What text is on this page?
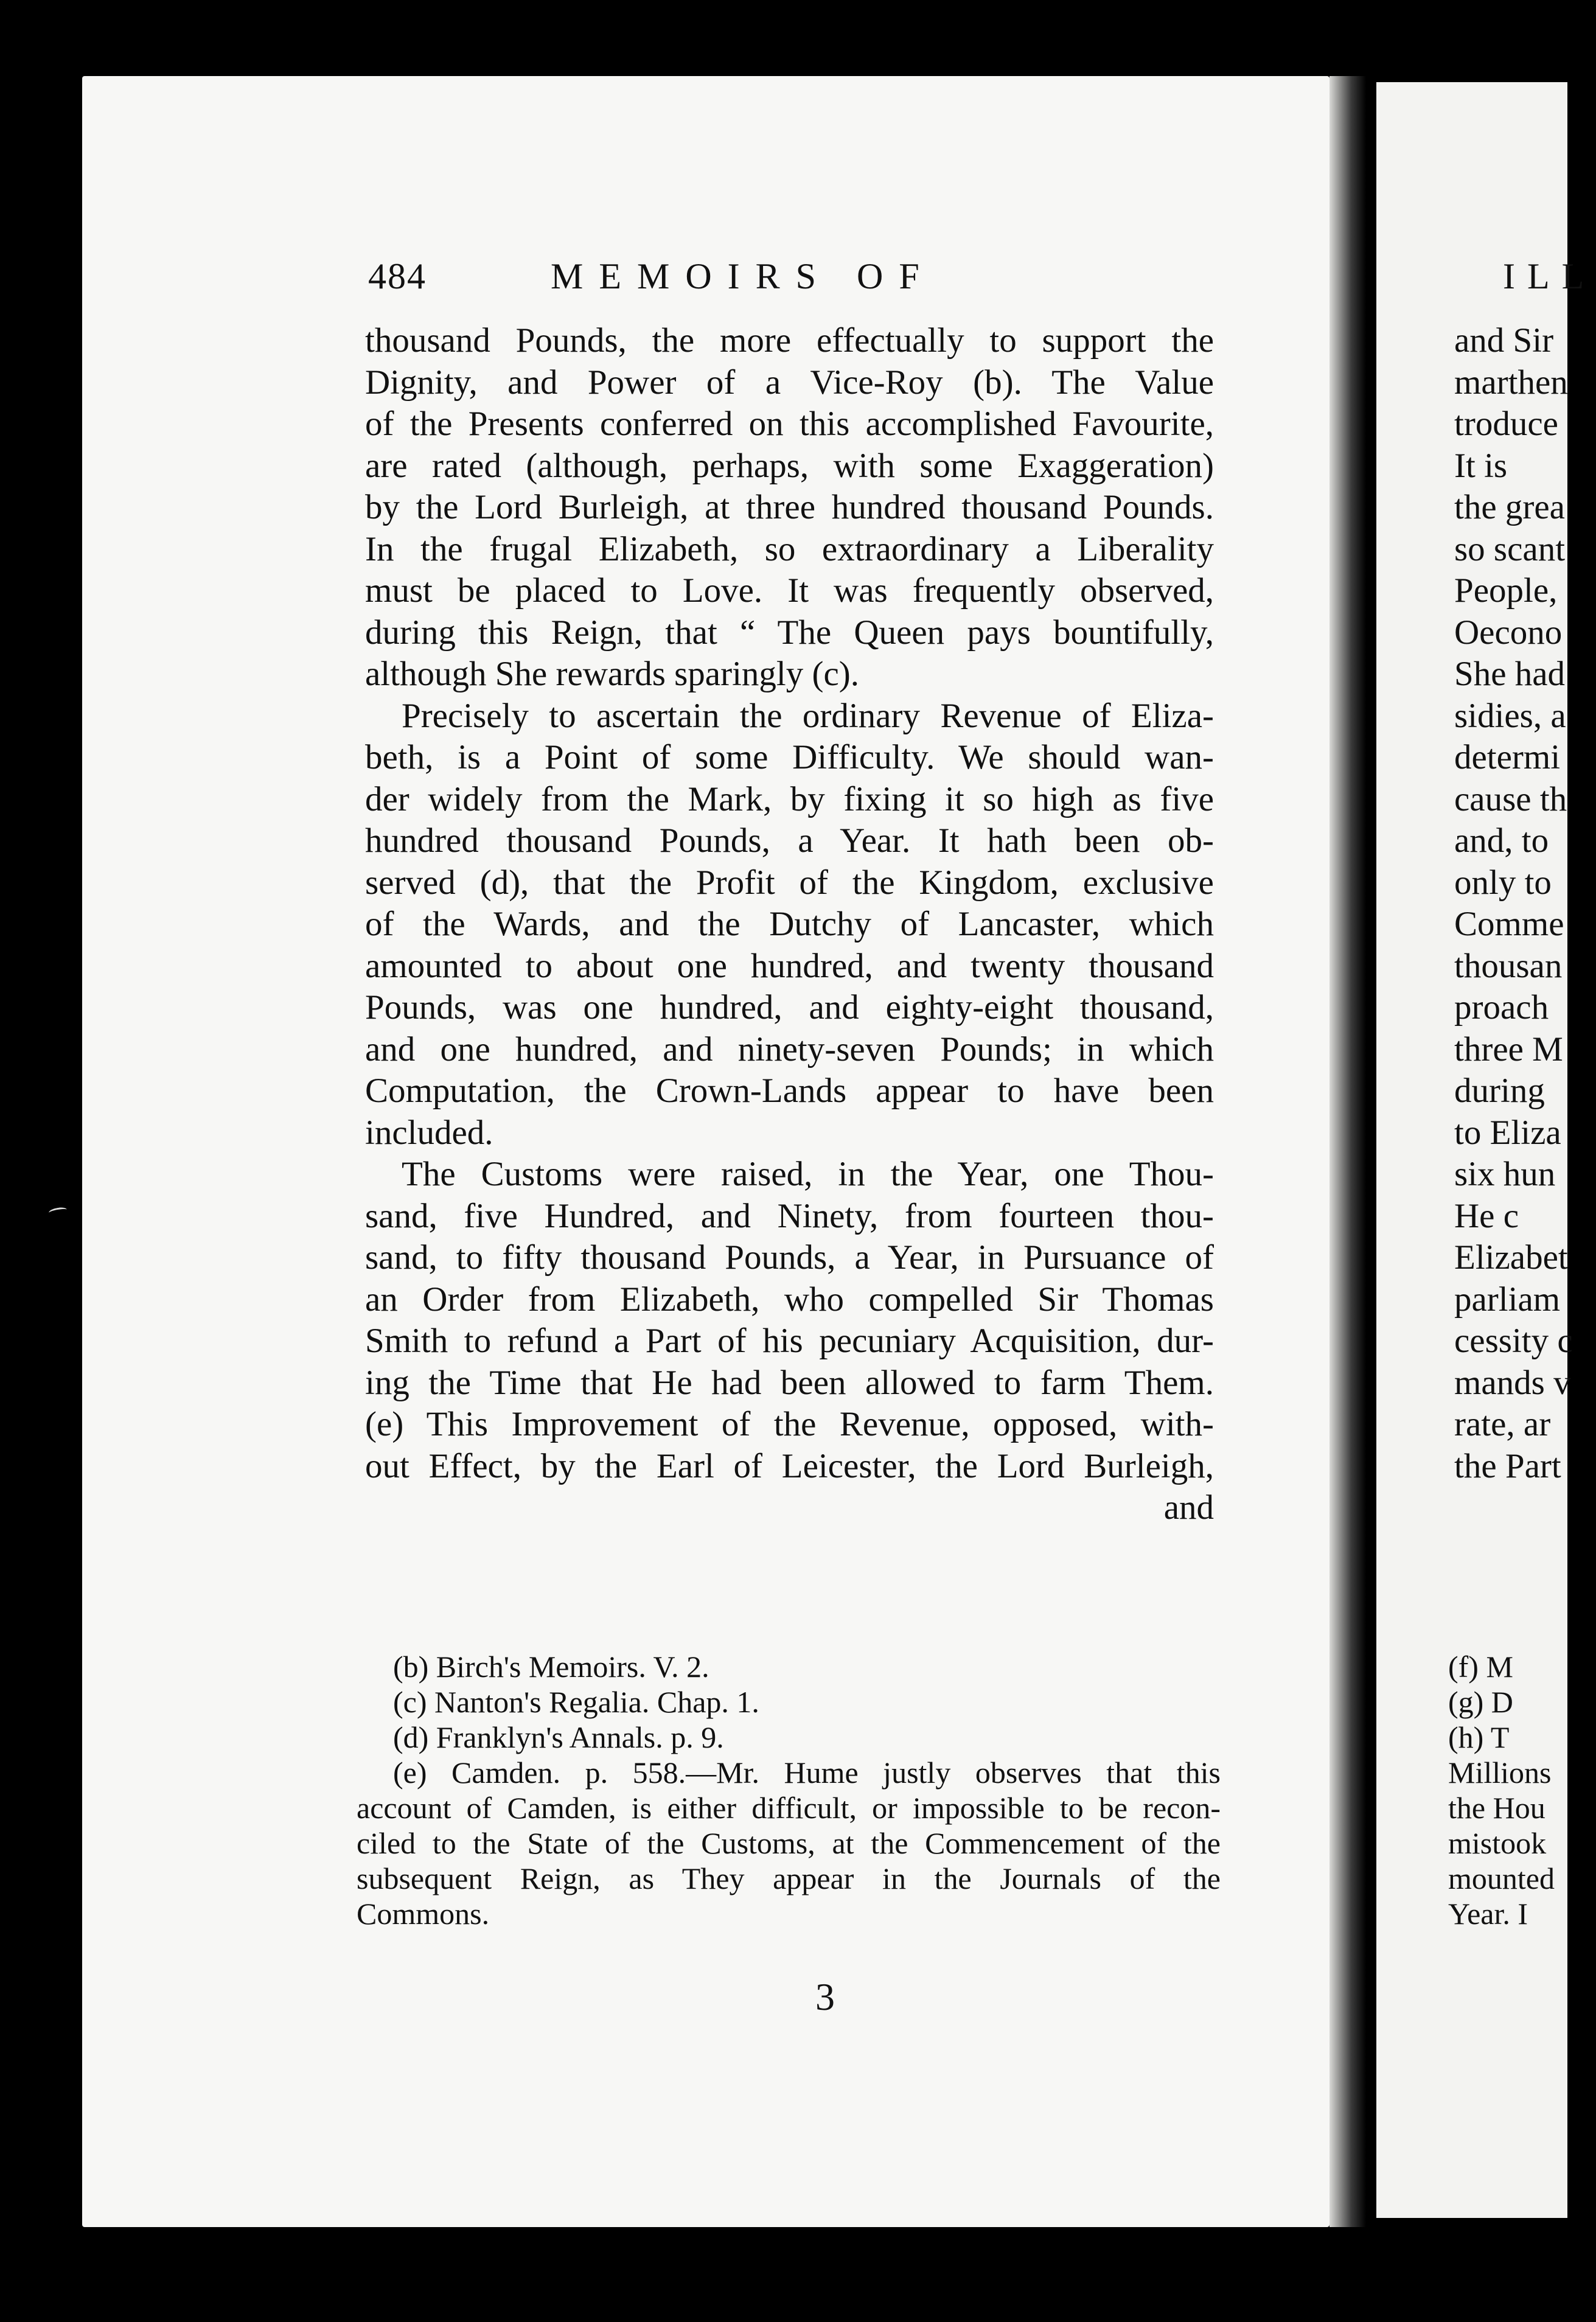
484	MEMOIRS OF
thousand Pounds, the more effectually to support the
Dignity, and Power of a Vice-Roy (b). The Value
of the Presents conferred on this accomplished Favourite,
are rated (although, perhaps, with some Exaggeration)
by the Lord Burleigh, at three hundred thousand Pounds.
In the frugal Elizabeth, so extraordinary a Liberality
must be placed to Love. It was frequently observed,
during this Reign, that “ The Queen pays bountifully,
although She rewards sparingly (c).
Precisely to ascertain the ordinary Revenue of Eliza-
beth, is a Point of some Difficulty. We should wan-
der widely from the Mark, by fixing it so high as five
hundred thousand Pounds, a Year. It hath been ob-
served (d), that the Profit of the Kingdom, exclusive
of the Wards, and the Dutchy of Lancaster, which
amounted to about one hundred, and twenty thousand
Pounds, was one hundred, and eighty-eight thousand,
and one hundred, and ninety-seven Pounds; in which
Computation, the Crown-Lands appear to have been
included.
The Customs were raised, in the Year, one Thou-
sand, five Hundred, and Ninety, from fourteen thou-
sand, to fifty thousand Pounds, a Year, in Pursuance of
an Order from Elizabeth, who compelled Sir Thomas
Smith to refund a Part of his pecuniary Acquisition, dur-
ing the Time that He had been allowed to farm Them.
(e) This Improvement of the Revenue, opposed, with-
out Effect, by the Earl of Leicester, the Lord Burleigh,
and
(b) Birch's Memoirs. V. 2.
(c) Nanton's Regalia. Chap. 1.
(d) Franklyn's Annals. p. 9.
(e) Camden. p. 558.—Mr. Hume justly observes that this
account of Camden, is either difficult, or impossible to be recon-
ciled to the State of the Customs, at the Commencement of the
subsequent Reign, as They appear in the Journals of the
Commons.
3
ILL
and Sir
marthen
troduce
It is
the grea
so scant
People,
Oecono
She had
sidies, a
determi
cause th
and, to
only to
Comme
thousan
proach
three M
during
to Eliza
six hun
He c
Elizabet
parliam
cessity c
mands v
rate, ar
the Part
(f) M
(g) D
(h) T
Millions
the Hou
mistook
mounted
Year. I
